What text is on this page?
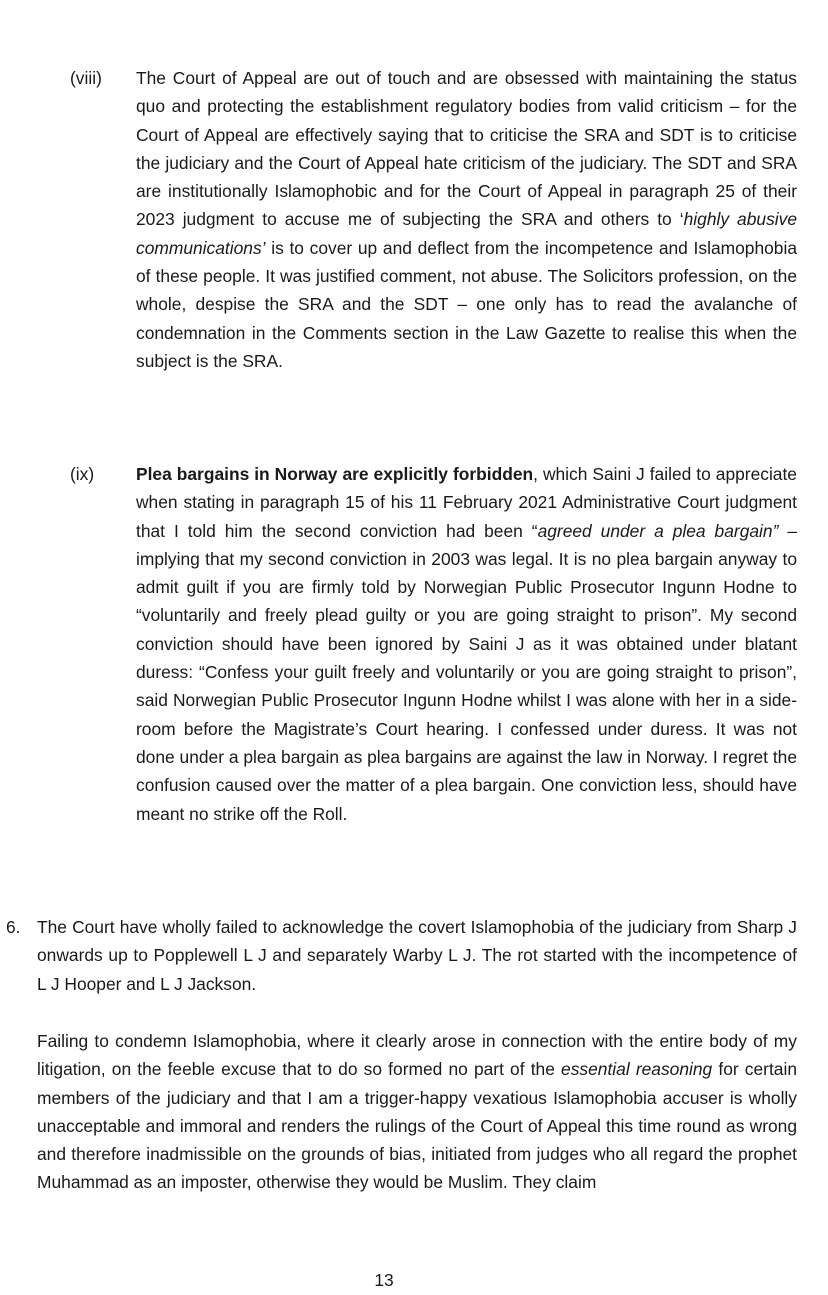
(viii) The Court of Appeal are out of touch and are obsessed with maintaining the status quo and protecting the establishment regulatory bodies from valid criticism – for the Court of Appeal are effectively saying that to criticise the SRA and SDT is to criticise the judiciary and the Court of Appeal hate criticism of the judiciary. The SDT and SRA are institutionally Islamophobic and for the Court of Appeal in paragraph 25 of their 2023 judgment to accuse me of subjecting the SRA and others to ‘highly abusive communications’ is to cover up and deflect from the incompetence and Islamophobia of these people. It was justified comment, not abuse. The Solicitors profession, on the whole, despise the SRA and the SDT – one only has to read the avalanche of condemnation in the Comments section in the Law Gazette to realise this when the subject is the SRA.

(ix) Plea bargains in Norway are explicitly forbidden, which Saini J failed to appreciate when stating in paragraph 15 of his 11 February 2021 Administrative Court judgment that I told him the second conviction had been “agreed under a plea bargain” – implying that my second conviction in 2003 was legal. It is no plea bargain anyway to admit guilt if you are firmly told by Norwegian Public Prosecutor Ingunn Hodne to “voluntarily and freely plead guilty or you are going straight to prison”. My second conviction should have been ignored by Saini J as it was obtained under blatant duress: “Confess your guilt freely and voluntarily or you are going straight to prison”, said Norwegian Public Prosecutor Ingunn Hodne whilst I was alone with her in a side-room before the Magistrate’s Court hearing. I confessed under duress. It was not done under a plea bargain as plea bargains are against the law in Norway. I regret the confusion caused over the matter of a plea bargain. One conviction less, should have meant no strike off the Roll.

6. The Court have wholly failed to acknowledge the covert Islamophobia of the judiciary from Sharp J onwards up to Popplewell L J and separately Warby L J. The rot started with the incompetence of L J Hooper and L J Jackson.

Failing to condemn Islamophobia, where it clearly arose in connection with the entire body of my litigation, on the feeble excuse that to do so formed no part of the essential reasoning for certain members of the judiciary and that I am a trigger-happy vexatious Islamophobia accuser is wholly unacceptable and immoral and renders the rulings of the Court of Appeal this time round as wrong and therefore inadmissible on the grounds of bias, initiated from judges who all regard the prophet Muhammad as an imposter, otherwise they would be Muslim. They claim

13
